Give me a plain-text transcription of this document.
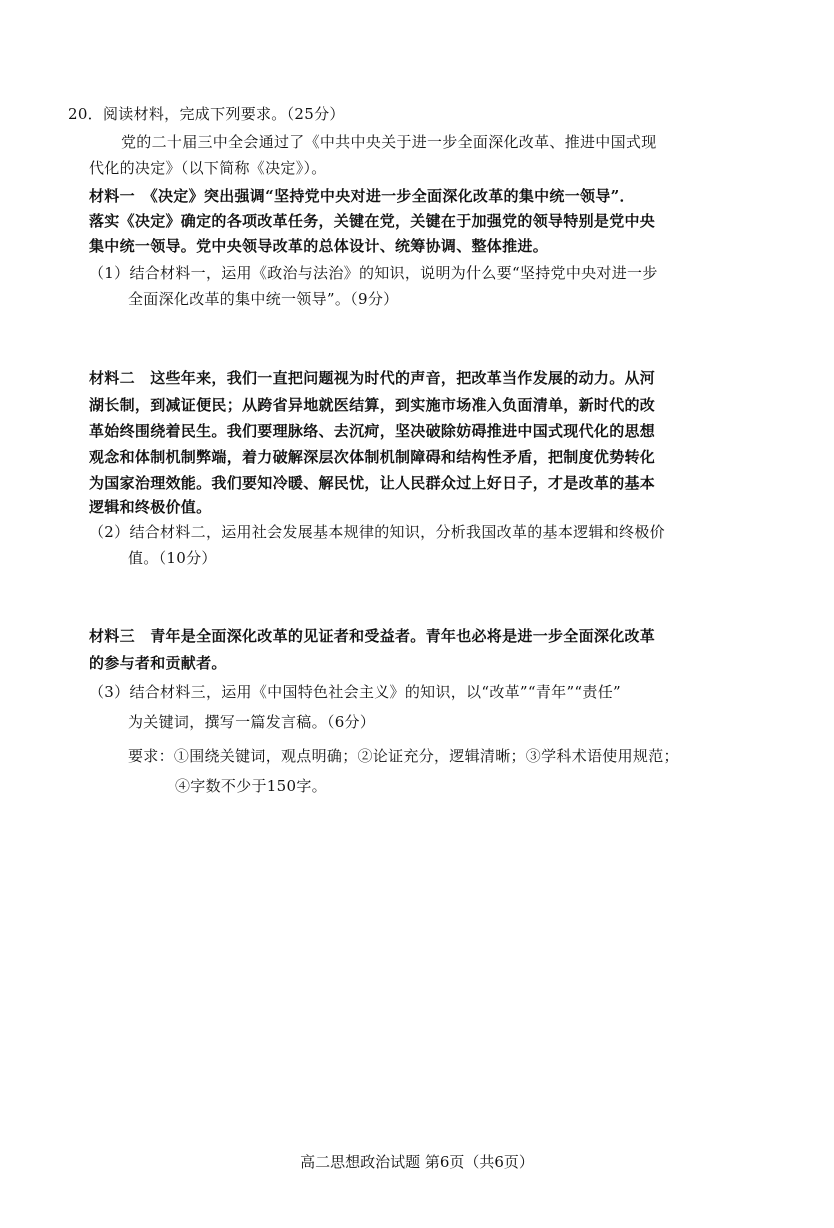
20．阅读材料，完成下列要求。（25分）
党的二十届三中全会通过了《中共中央关于进一步全面深化改革、推进中国式现
代化的决定》（以下简称《决定》）。
材料一　《决定》突出强调“坚持党中央对进一步全面深化改革的集中统一领导”．
落实《决定》确定的各项改革任务，关键在党，关键在于加强党的领导特别是党中央
集中统一领导。党中央领导改革的总体设计、统筹协调、整体推进。
（1）结合材料一，运用《政治与法治》的知识，说明为什么要“坚持党中央对进一步
全面深化改革的集中统一领导”。（9分）
材料二　这些年来，我们一直把问题视为时代的声音，把改革当作发展的动力。从河
湖长制，到减证便民；从跨省异地就医结算，到实施市场准入负面清单，新时代的改
革始终围绕着民生。我们要理脉络、去沉疴，坚决破除妨碍推进中国式现代化的思想
观念和体制机制弊端，着力破解深层次体制机制障碍和结构性矛盾，把制度优势转化
为国家治理效能。我们要知冷暖、解民忧，让人民群众过上好日子，才是改革的基本
逻辑和终极价值。
（2）结合材料二，运用社会发展基本规律的知识，分析我国改革的基本逻辑和终极价
值。（10分）
材料三　青年是全面深化改革的见证者和受益者。青年也必将是进一步全面深化改革
的参与者和贡献者。
（3）结合材料三，运用《中国特色社会主义》的知识，以“改革”“青年”“责任”
为关键词，撰写一篇发言稿。（6分）
要求：①围绕关键词，观点明确；②论证充分，逻辑清晰；③学科术语使用规范；
④字数不少于150字。
高二思想政治试题 第6页（共6页）
